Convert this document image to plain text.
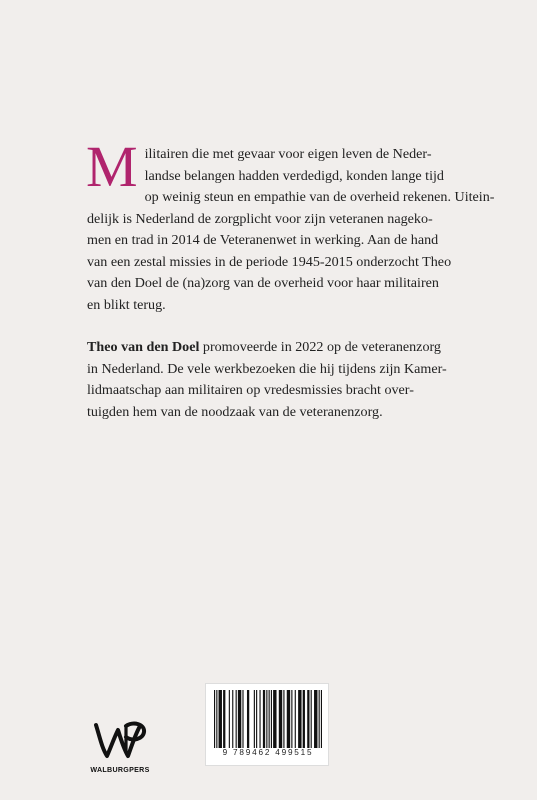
M ilitairen die met gevaar voor eigen leven de Neder-
landse belangen hadden verdedigd, konden lange tijd
op weinig steun en empathie van de overheid rekenen. Uitein-
delijk is Nederland de zorgplicht voor zijn veteranen nageko-
men en trad in 2014 de Veteranenwet in werking. Aan de hand
van een zestal missies in de periode 1945-2015 onderzocht Theo
van den Doel de (na)zorg van de overheid voor haar militairen
en blikt terug.

Theo van den Doel promoveerde in 2022 op de veteranenzorg
in Nederland. De vele werkbezoeken die hij tijdens zijn Kamer-
lidmaatschap aan militairen op vredesmissies bracht over-
tuigden hem van de noodzaak van de veteranenzorg.

WALBURGPERS
9 789462 499515
